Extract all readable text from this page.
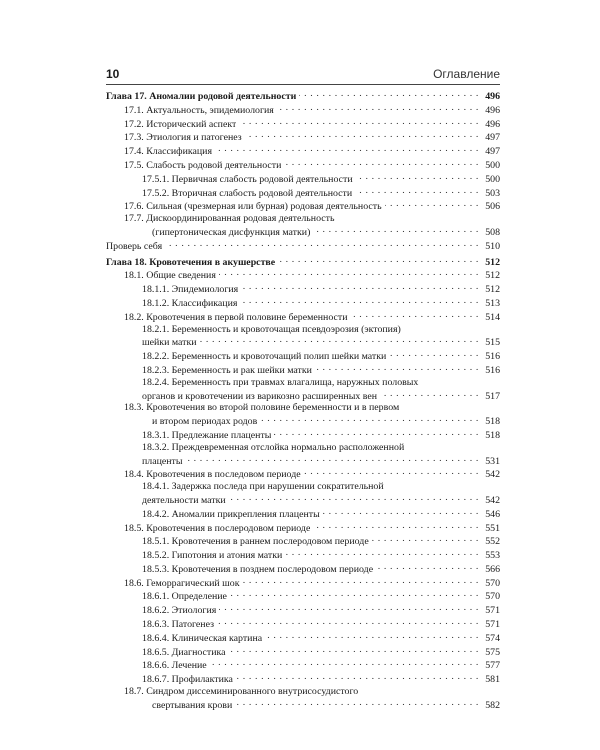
10	Оглавление
Глава 17. Аномалии родовой деятельности . . .	496
17.1. Актуальность, эпидемиология . . .	496
17.2. Исторический аспект . . .	496
17.3. Этиология и патогенез . . .	497
17.4. Классификация . . .	497
17.5. Слабость родовой деятельности . . .	500
17.5.1. Первичная слабость родовой деятельности . . .	500
17.5.2. Вторичная слабость родовой деятельности . . .	503
17.6. Сильная (чрезмерная или бурная) родовая деятельность . . .	506
17.7. Дискоординированная родовая деятельность
(гипертоническая дисфункция матки) . . .	508
Проверь себя . . .	510
Глава 18. Кровотечения в акушерстве . . .	512
18.1. Общие сведения . . .	512
18.1.1. Эпидемиология . . .	512
18.1.2. Классификация . . .	513
18.2. Кровотечения в первой половине беременности . . .	514
18.2.1. Беременность и кровоточащая псевдоэрозия (эктопия)
шейки матки . . .	515
18.2.2. Беременность и кровоточащий полип шейки матки . . .	516
18.2.3. Беременность и рак шейки матки . . .	516
18.2.4. Беременность при травмах влагалища, наружных половых
органов и кровотечении из варикозно расширенных вен . . .	517
18.3. Кровотечения во второй половине беременности и в первом
и втором периодах родов . . .	518
18.3.1. Предлежание плаценты . . .	518
18.3.2. Преждевременная отслойка нормально расположенной
плаценты . . .	531
18.4. Кровотечения в последовом периоде . . .	542
18.4.1. Задержка последа при нарушении сократительной
деятельности матки . . .	542
18.4.2. Аномалии прикрепления плаценты . . .	546
18.5. Кровотечения в послеродовом периоде . . .	551
18.5.1. Кровотечения в раннем послеродовом периоде . . .	552
18.5.2. Гипотония и атония матки . . .	553
18.5.3. Кровотечения в позднем послеродовом периоде . . .	566
18.6. Геморрагический шок . . .	570
18.6.1. Определение . . .	570
18.6.2. Этиология . . .	571
18.6.3. Патогенез . . .	571
18.6.4. Клиническая картина . . .	574
18.6.5. Диагностика . . .	575
18.6.6. Лечение . . .	577
18.6.7. Профилактика . . .	581
18.7. Синдром диссеминированного внутрисосудистого
свертывания крови . . .	582
